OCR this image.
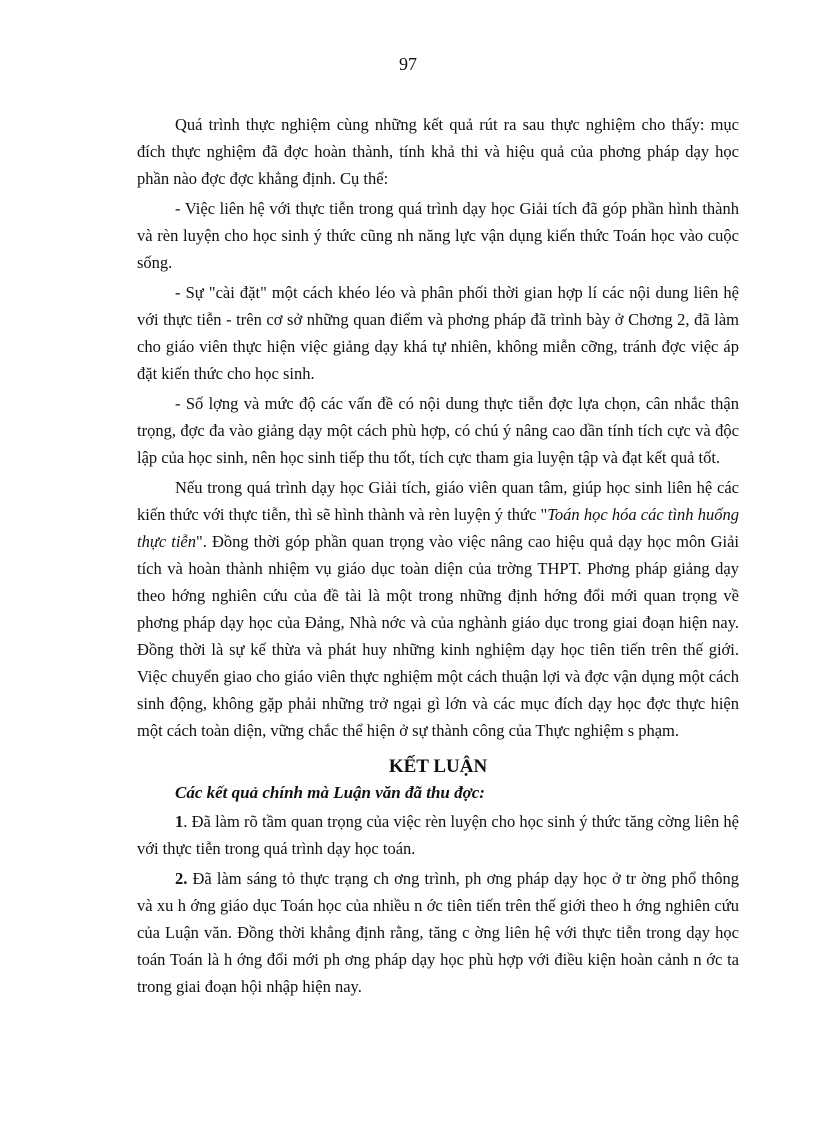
97

Quá trình thực nghiệm cùng những kết quả rút ra sau thực nghiệm cho thấy: mục đích thực nghiệm đã đợc hoàn thành, tính khả thi và hiệu quả của phơng pháp dạy học phần nào đợc đợc khẳng định. Cụ thể:

- Việc liên hệ với thực tiễn trong quá trình dạy học Giải tích đã góp phần hình thành và rèn luyện cho học sinh ý thức cũng nh năng lực vận dụng kiến thức Toán học vào cuộc sống.

- Sự "cài đặt" một cách khéo léo và phân phối thời gian hợp lí các nội dung liên hệ với thực tiễn - trên cơ sở những quan điểm và phơng pháp đã trình bày ở Chơng 2, đã làm cho giáo viên thực hiện việc giảng dạy khá tự nhiên, không miễn cỡng, tránh đợc việc áp đặt kiến thức cho học sinh.

- Số lợng và mức độ các vấn đề có nội dung thực tiễn đợc lựa chọn, cân nhắc thận trọng, đợc đa vào giảng dạy một cách phù hợp, có chú ý nâng cao dần tính tích cực và độc lập của học sinh, nên học sinh tiếp thu tốt, tích cực tham gia luyện tập và đạt kết quả tốt.

Nếu trong quá trình dạy học Giải tích, giáo viên quan tâm, giúp học sinh liên hệ các kiến thức với thực tiễn, thì sẽ hình thành và rèn luyện ý thức "Toán học hóa các tình huống thực tiễn". Đồng thời góp phần quan trọng vào việc nâng cao hiệu quả dạy học môn Giải tích và hoàn thành nhiệm vụ giáo dục toàn diện của trờng THPT. Phơng pháp giảng dạy theo hớng nghiên cứu của đề tài là một trong những định hớng đổi mới quan trọng về phơng pháp dạy học của Đảng, Nhà nớc và của nghành giáo dục trong giai đoạn hiện nay. Đồng thời là sự kế thừa và phát huy những kinh nghiệm dạy học tiên tiến trên thế giới. Việc chuyển giao cho giáo viên thực nghiệm một cách thuận lợi và đợc vận dụng một cách sinh động, không gặp phải những trở ngại gì lớn và các mục đích dạy học đợc thực hiện một cách toàn diện, vững chắc thể hiện ở sự thành công của Thực nghiệm s phạm.

KẾT LUẬN
Các kết quả chính mà Luận văn đã thu đợc:

1. Đã làm rõ tầm quan trọng của việc rèn luyện cho học sinh ý thức tăng cờng liên hệ với thực tiễn trong quá trình dạy học toán.

2. Đã làm sáng tỏ thực trạng ch ơng trình, ph ơng pháp dạy học ở tr ờng phổ thông và xu h ớng giáo dục Toán học của nhiều n ớc tiên tiến trên thế giới theo h ớng nghiên cứu của Luận văn. Đồng thời khẳng định rằng, tăng c ờng liên hệ với thực tiễn trong dạy học toán Toán là h ớng đổi mới ph ơng pháp dạy học phù hợp với điều kiện hoàn cảnh n ớc ta trong giai đoạn hội nhập hiện nay.
